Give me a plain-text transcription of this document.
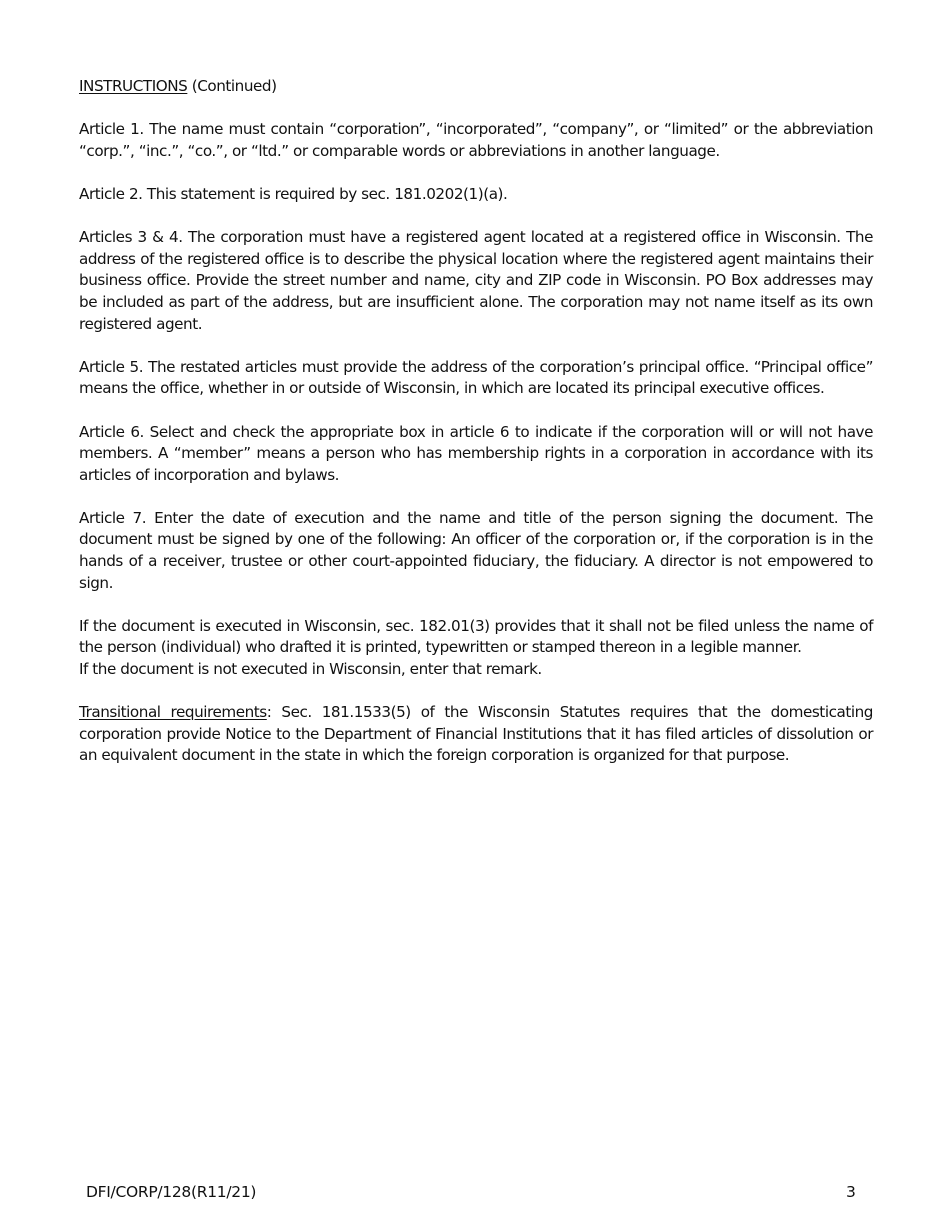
INSTRUCTIONS (Continued)

Article 1. The name must contain “corporation”, “incorporated”, “company”, or “limited” or the abbreviation “corp.”, “inc.”, “co.”, or “ltd.” or comparable words or abbreviations in another language.

Article 2. This statement is required by sec. 181.0202(1)(a).

Articles 3 & 4. The corporation must have a registered agent located at a registered office in Wisconsin. The address of the registered office is to describe the physical location where the registered agent maintains their business office. Provide the street number and name, city and ZIP code in Wisconsin. PO Box addresses may be included as part of the address, but are insufficient alone. The corporation may not name itself as its own registered agent.

Article 5. The restated articles must provide the address of the corporation’s principal office. “Principal office” means the office, whether in or outside of Wisconsin, in which are located its principal executive offices.

Article 6. Select and check the appropriate box in article 6 to indicate if the corporation will or will not have members. A “member” means a person who has membership rights in a corporation in accordance with its articles of incorporation and bylaws.

Article 7. Enter the date of execution and the name and title of the person signing the document. The document must be signed by one of the following: An officer of the corporation or, if the corporation is in the hands of a receiver, trustee or other court-appointed fiduciary, the fiduciary. A director is not empowered to sign.

If the document is executed in Wisconsin, sec. 182.01(3) provides that it shall not be filed unless the name of the person (individual) who drafted it is printed, typewritten or stamped thereon in a legible manner.

If the document is not executed in Wisconsin, enter that remark.

Transitional requirements: Sec. 181.1533(5) of the Wisconsin Statutes requires that the domesticating corporation provide Notice to the Department of Financial Institutions that it has filed articles of dissolution or an equivalent document in the state in which the foreign corporation is organized for that purpose.

DFI/CORP/128(R11/21)	3
